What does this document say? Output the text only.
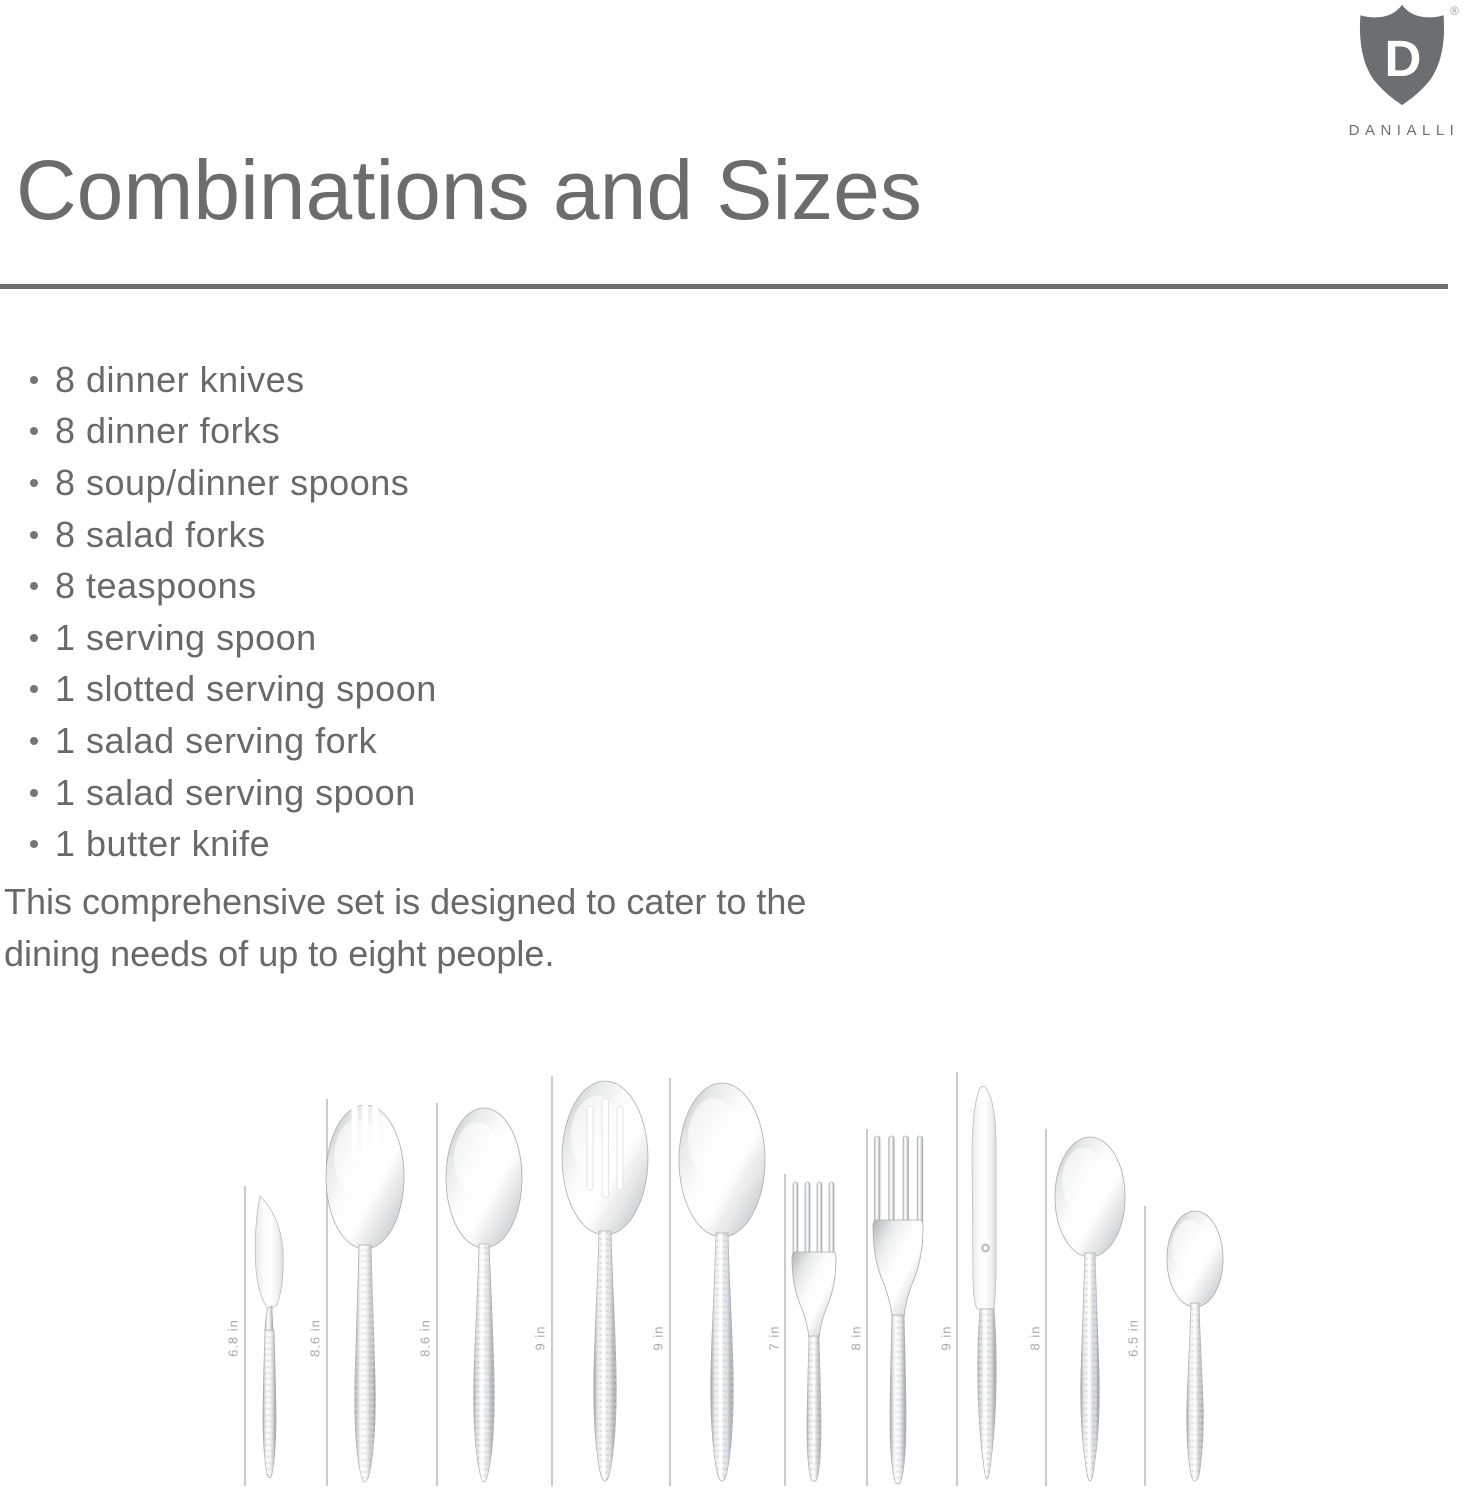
D
®
DANIALLI
Combinations and Sizes
8 dinner knives
8 dinner forks
8 soup/dinner spoons
8 salad forks
8 teaspoons
1 serving spoon
1 slotted serving spoon
1 salad serving fork
1 salad serving spoon
1 butter knife
This comprehensive set is designed to cater to the
dining needs of up to eight people.
6.8 in	8.6 in	8.6 in	9 in	9 in	7 in	8 in	9 in	8 in	6.5 in
